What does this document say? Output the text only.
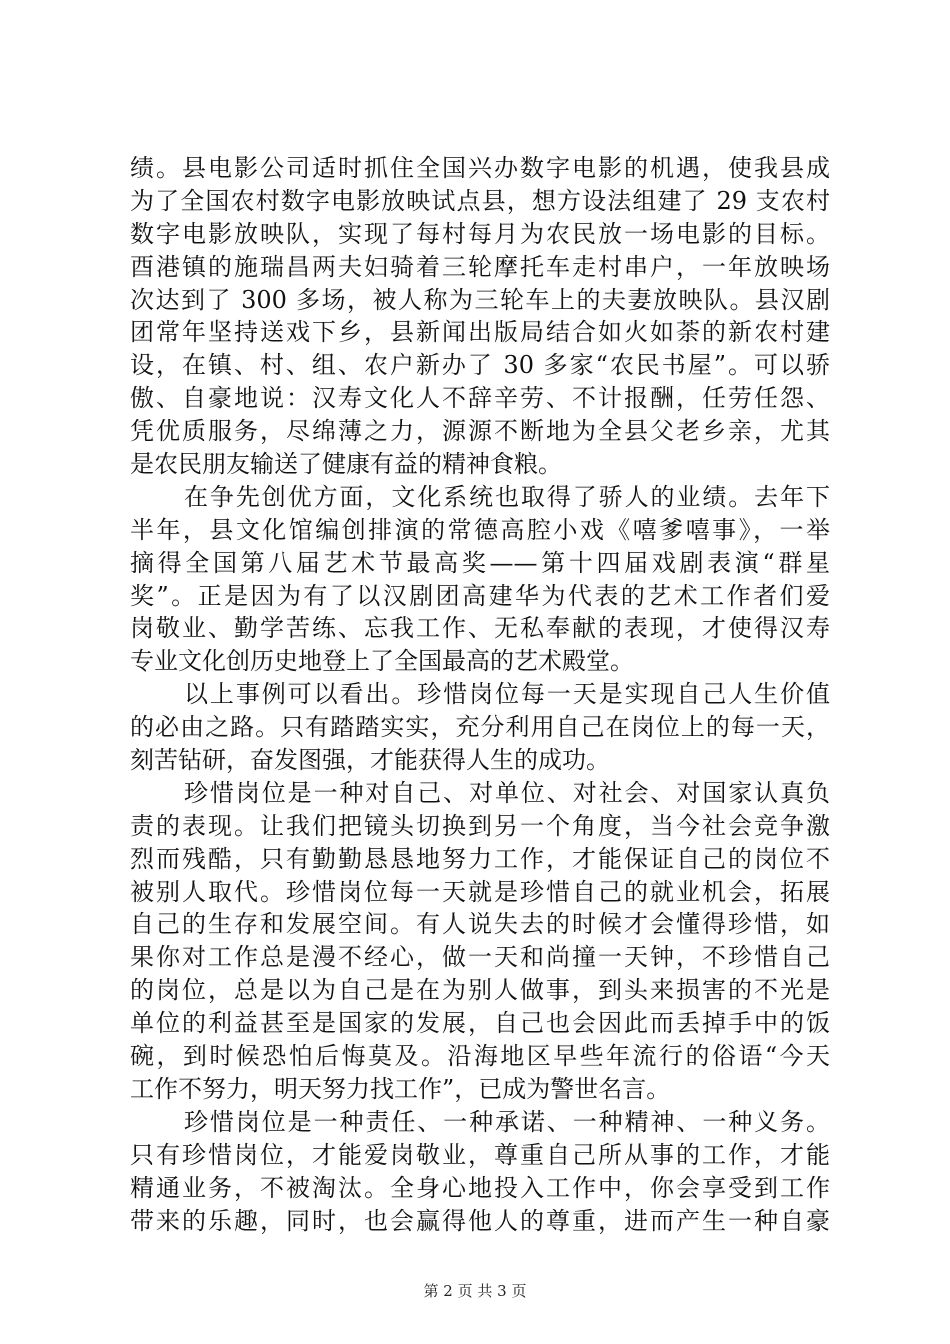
绩。县电影公司适时抓住全国兴办数字电影的机遇，使我县成
为了全国农村数字电影放映试点县，想方设法组建了 29 支农村
数字电影放映队，实现了每村每月为农民放一场电影的目标。
酉港镇的施瑞昌两夫妇骑着三轮摩托车走村串户，一年放映场
次达到了 300 多场，被人称为三轮车上的夫妻放映队。县汉剧
团常年坚持送戏下乡，县新闻出版局结合如火如荼的新农村建
设，在镇、村、组、农户新办了 30 多家“农民书屋”。可以骄
傲、自豪地说：汉寿文化人不辞辛劳、不计报酬，任劳任怨、
凭优质服务，尽绵薄之力，源源不断地为全县父老乡亲，尤其
是农民朋友输送了健康有益的精神食粮。
在争先创优方面，文化系统也取得了骄人的业绩。去年下
半年，县文化馆编创排演的常德高腔小戏《嘻爹嘻事》，一举
摘得全国第八届艺术节最高奖——第十四届戏剧表演“群星
奖”。正是因为有了以汉剧团高建华为代表的艺术工作者们爱
岗敬业、勤学苦练、忘我工作、无私奉献的表现，才使得汉寿
专业文化创历史地登上了全国最高的艺术殿堂。
以上事例可以看出。珍惜岗位每一天是实现自己人生价值
的必由之路。只有踏踏实实，充分利用自己在岗位上的每一天，
刻苦钻研，奋发图强，才能获得人生的成功。
珍惜岗位是一种对自己、对单位、对社会、对国家认真负
责的表现。让我们把镜头切换到另一个角度，当今社会竞争激
烈而残酷，只有勤勤恳恳地努力工作，才能保证自己的岗位不
被别人取代。珍惜岗位每一天就是珍惜自己的就业机会，拓展
自己的生存和发展空间。有人说失去的时候才会懂得珍惜，如
果你对工作总是漫不经心，做一天和尚撞一天钟，不珍惜自己
的岗位，总是以为自己是在为别人做事，到头来损害的不光是
单位的利益甚至是国家的发展，自己也会因此而丢掉手中的饭
碗，到时候恐怕后悔莫及。沿海地区早些年流行的俗语“今天
工作不努力，明天努力找工作”，已成为警世名言。
珍惜岗位是一种责任、一种承诺、一种精神、一种义务。
只有珍惜岗位，才能爱岗敬业，尊重自己所从事的工作，才能
精通业务，不被淘汰。全身心地投入工作中，你会享受到工作
带来的乐趣，同时，也会赢得他人的尊重，进而产生一种自豪
第 2 页 共 3 页
